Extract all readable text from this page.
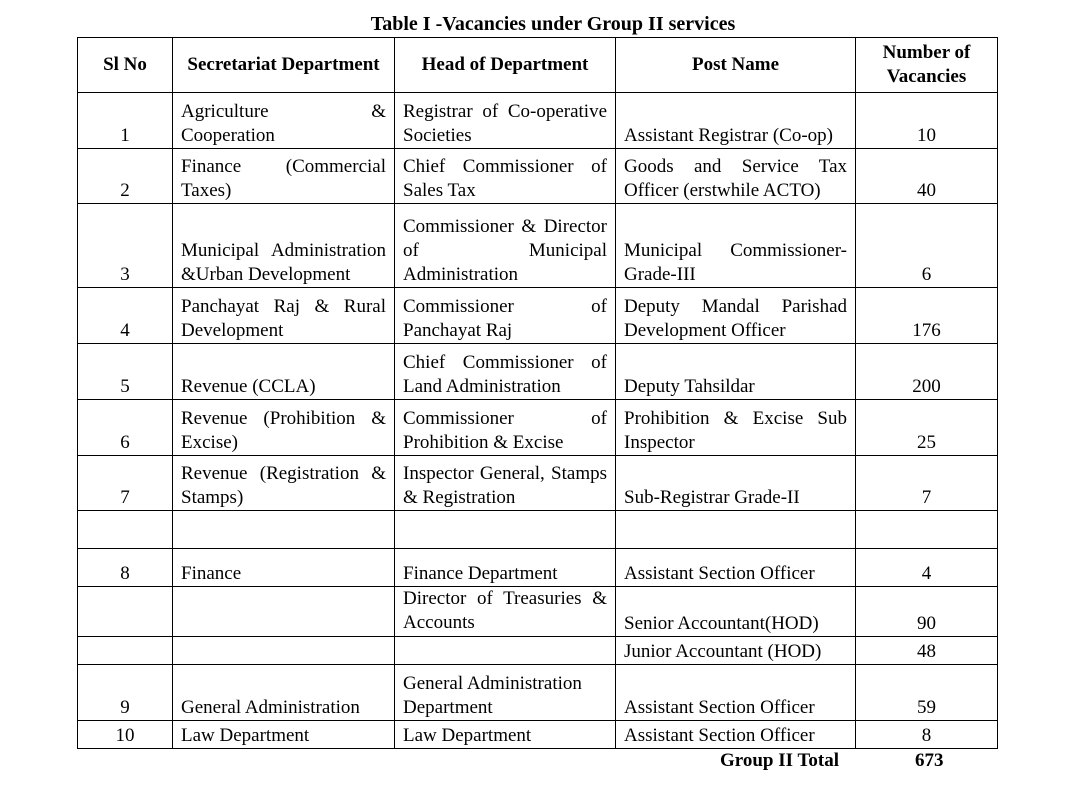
Table I -Vacancies under Group II services
Sl No	Secretariat Department	Head of Department	Post Name	Number of Vacancies
1	Agriculture & Cooperation	Registrar of Co-operative Societies	Assistant Registrar (Co-op)	10
2	Finance (Commercial Taxes)	Chief Commissioner of Sales Tax	Goods and Service Tax Officer (erstwhile ACTO)	40
3	Municipal Administration &Urban Development	Commissioner & Director of Municipal Administration	Municipal Commissioner-Grade-III	6
4	Panchayat Raj & Rural Development	Commissioner of Panchayat Raj	Deputy Mandal Parishad Development Officer	176
5	Revenue (CCLA)	Chief Commissioner of Land Administration	Deputy Tahsildar	200
6	Revenue (Prohibition & Excise)	Commissioner of Prohibition & Excise	Prohibition & Excise Sub Inspector	25
7	Revenue (Registration & Stamps)	Inspector General, Stamps & Registration	Sub-Registrar Grade-II	7

8	Finance	Finance Department	Assistant Section Officer	4
		Director of Treasuries & Accounts	Senior Accountant(HOD)	90
			Junior Accountant (HOD)	48
9	General Administration	General Administration Department	Assistant Section Officer	59
10	Law Department	Law Department	Assistant Section Officer	8
Group II Total	673
